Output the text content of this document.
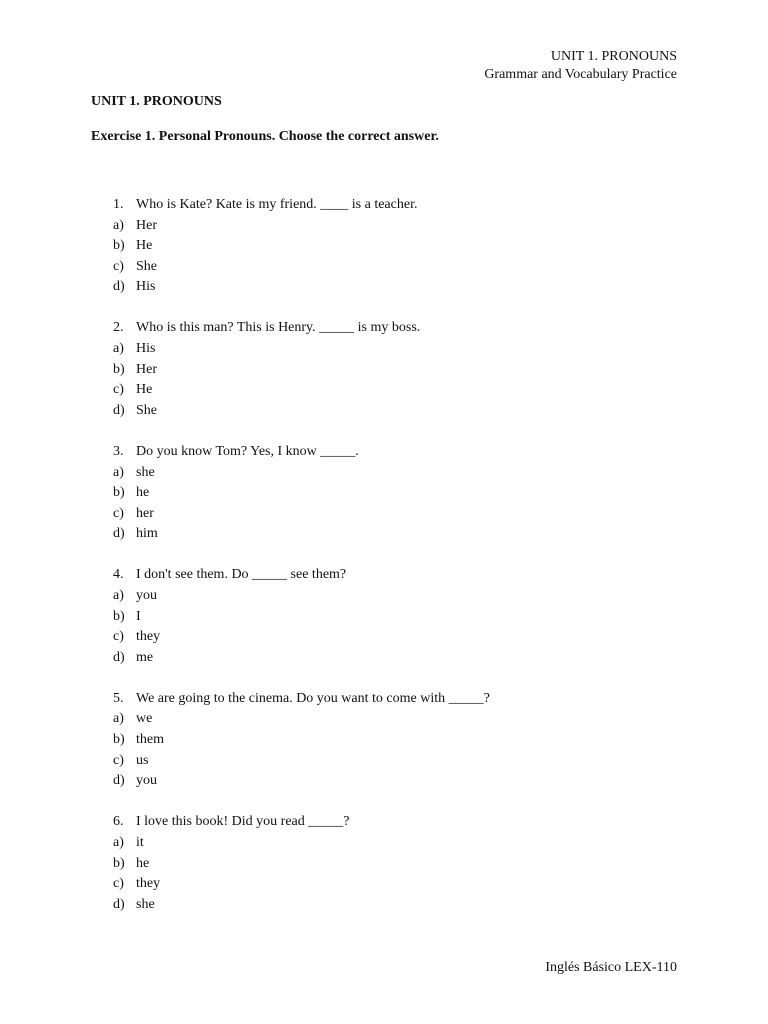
UNIT 1. PRONOUNS
Grammar and Vocabulary Practice
UNIT 1. PRONOUNS
Exercise 1. Personal Pronouns. Choose the correct answer.
1. Who is Kate? Kate is my friend. ____ is a teacher.
a) Her
b) He
c) She
d) His
2. Who is this man? This is Henry. _____ is my boss.
a) His
b) Her
c) He
d) She
3. Do you know Tom? Yes, I know _____.
a) she
b) he
c) her
d) him
4. I don't see them. Do _____ see them?
a) you
b) I
c) they
d) me
5. We are going to the cinema. Do you want to come with _____?
a) we
b) them
c) us
d) you
6. I love this book! Did you read _____?
a) it
b) he
c) they
d) she
Inglés Básico LEX-110
